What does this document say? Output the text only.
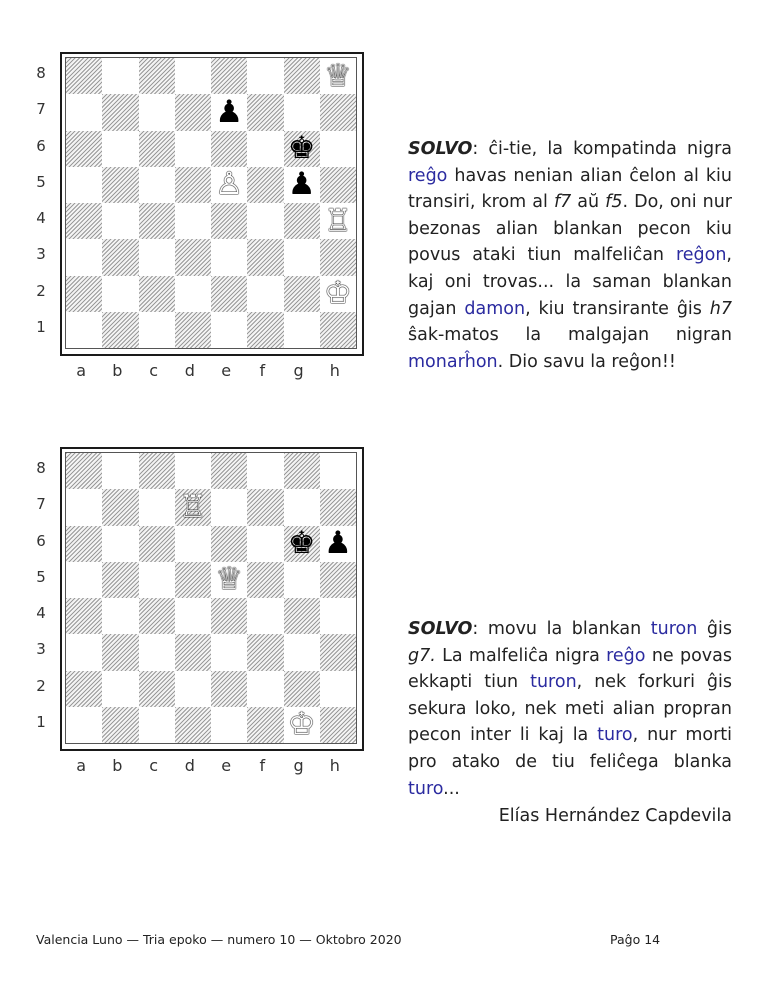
8
7
6
5
4
3
2
1
♕
♟
♚
♙ ♟
♖
♔
a	b	c	d	e	f	g	h
SOLVO: ĉi-tie, la kompatinda nigra reĝo havas nenian alian ĉelon al kiu transiri, krom al f7 aŭ f5. Do, oni nur bezonas alian blankan pecon kiu povus ataki tiun malfeliĉan reĝon, kaj oni trovas... la saman blankan gajan damon, kiu transirante ĝis h7 ŝak-matos la malgajan nigran monarĥon. Dio savu la reĝon!!
8
7
6
5
4
3
2
1
♖
♚ ♟
♕
♔
a	b	c	d	e	f	g	h
SOLVO: movu la blankan turon ĝis g7. La malfeliĉa nigra reĝo ne povas ekkapti tiun turon, nek forkuri ĝis sekura loko, nek meti alian propran pecon inter li kaj la turo, nur morti pro atako de tiu feliĉega blanka turo...
Elías Hernández Capdevila
Valencia Luno — Tria epoko — numero 10 — Oktobro 2020	Paĝo 14
